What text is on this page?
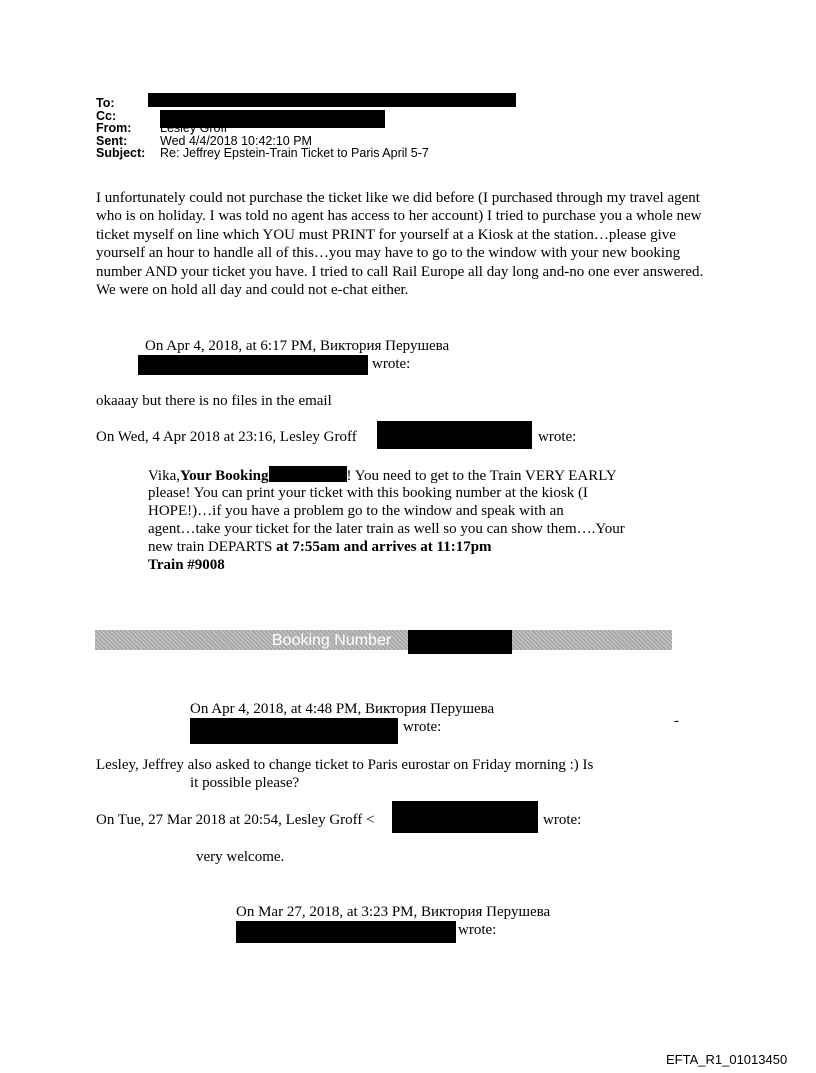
To:
Cc:
From: Lesley Groff
Sent:	Wed 4/4/2018 10:42:10 PM
Subject: Re: Jeffrey Epstein-Train Ticket to Paris April 5-7

I unfortunately could not purchase the ticket like we did before (I purchased through my travel agent who is on holiday. I was told no agent has access to her account) I tried to purchase you a whole new ticket myself on line which YOU must PRINT for yourself at a Kiosk at the station…please give yourself an hour to handle all of this…you may have to go to the window with your new booking number AND your ticket you have. I tried to call Rail Europe all day long and-no one ever answered. We were on hold all day and could not e-chat either.

On Apr 4, 2018, at 6:17 PM, Виктория Перушева
wrote:
okaaay but there is no files in the email
On Wed, 4 Apr 2018 at 23:16, Lesley Groff	wrote:
Vika,Your Booking	! You need to get to the Train VERY EARLY
please! You can print your ticket with this booking number at the kiosk (I
HOPE!)…if you have a problem go to the window and speak with an
agent…take your ticket for the later train as well so you can show them….Your
new train DEPARTS at 7:55am and arrives at 11:17pm
Train #9008
Booking Number
On Apr 4, 2018, at 4:48 PM, Виктория Перушева
wrote:	-
Lesley, Jeffrey also asked to change ticket to Paris eurostar on Friday morning :) Is
it possible please?
On Tue, 27 Mar 2018 at 20:54, Lesley Groff <	wrote:
very welcome.
On Mar 27, 2018, at 3:23 PM, Виктория Перушева
wrote:
EFTA_R1_01013450
